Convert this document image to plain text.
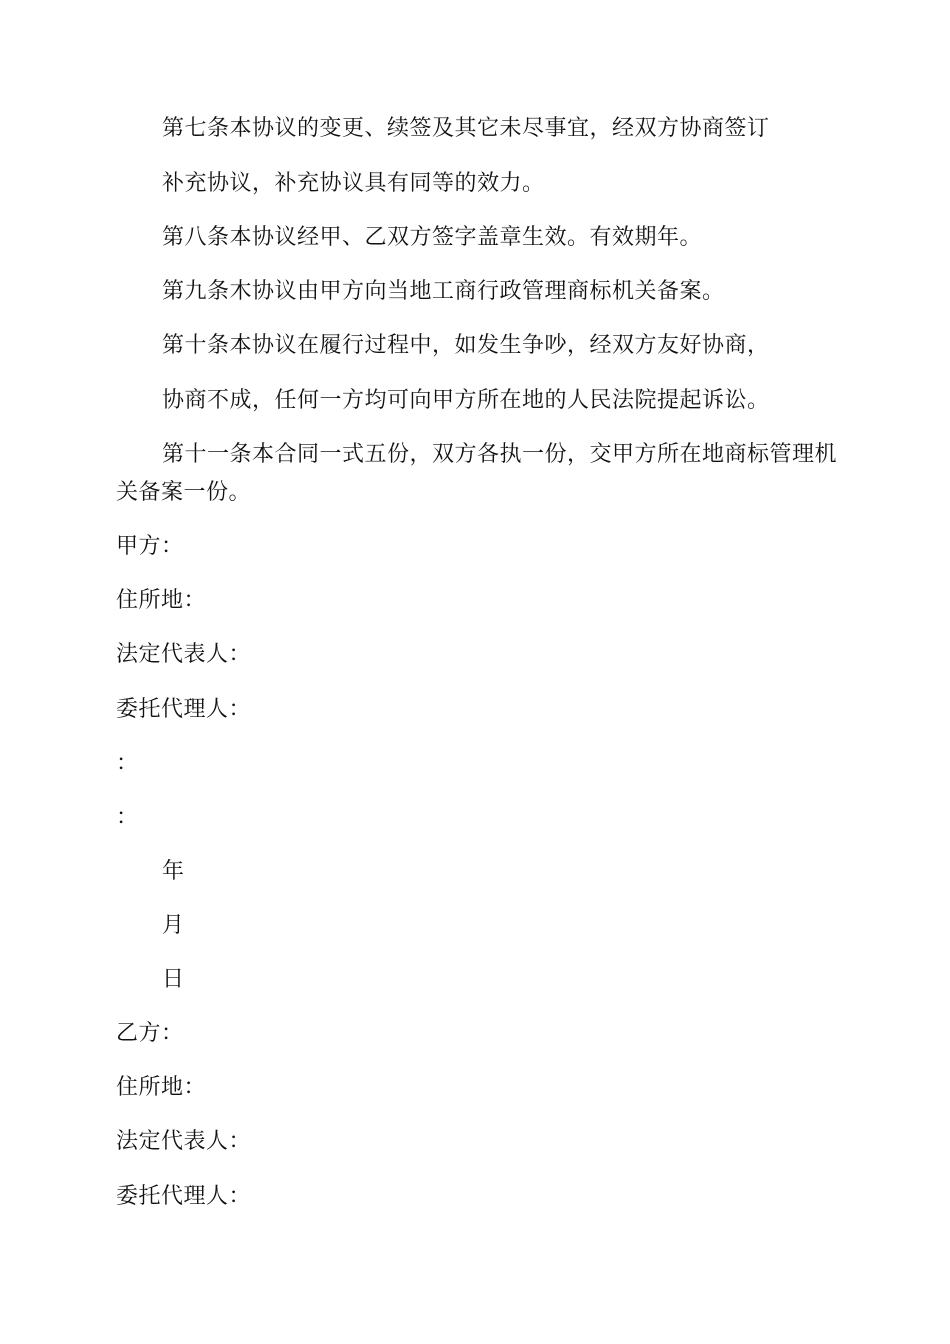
第七条本协议的变更、续签及其它未尽事宜，经双方协商签订
补充协议，补充协议具有同等的效力。
第八条本协议经甲、乙双方签字盖章生效。有效期年。
第九条木协议由甲方向当地工商行政管理商标机关备案。
第十条本协议在履行过程中，如发生争吵，经双方友好协商，
协商不成，任何一方均可向甲方所在地的人民法院提起诉讼。
第十一条本合同一式五份，双方各执一份，交甲方所在地商标管理机
关备案一份。
甲方：
住所地：
法定代表人：
委托代理人：
：
：
年
月
日
乙方：
住所地：
法定代表人：
委托代理人：
